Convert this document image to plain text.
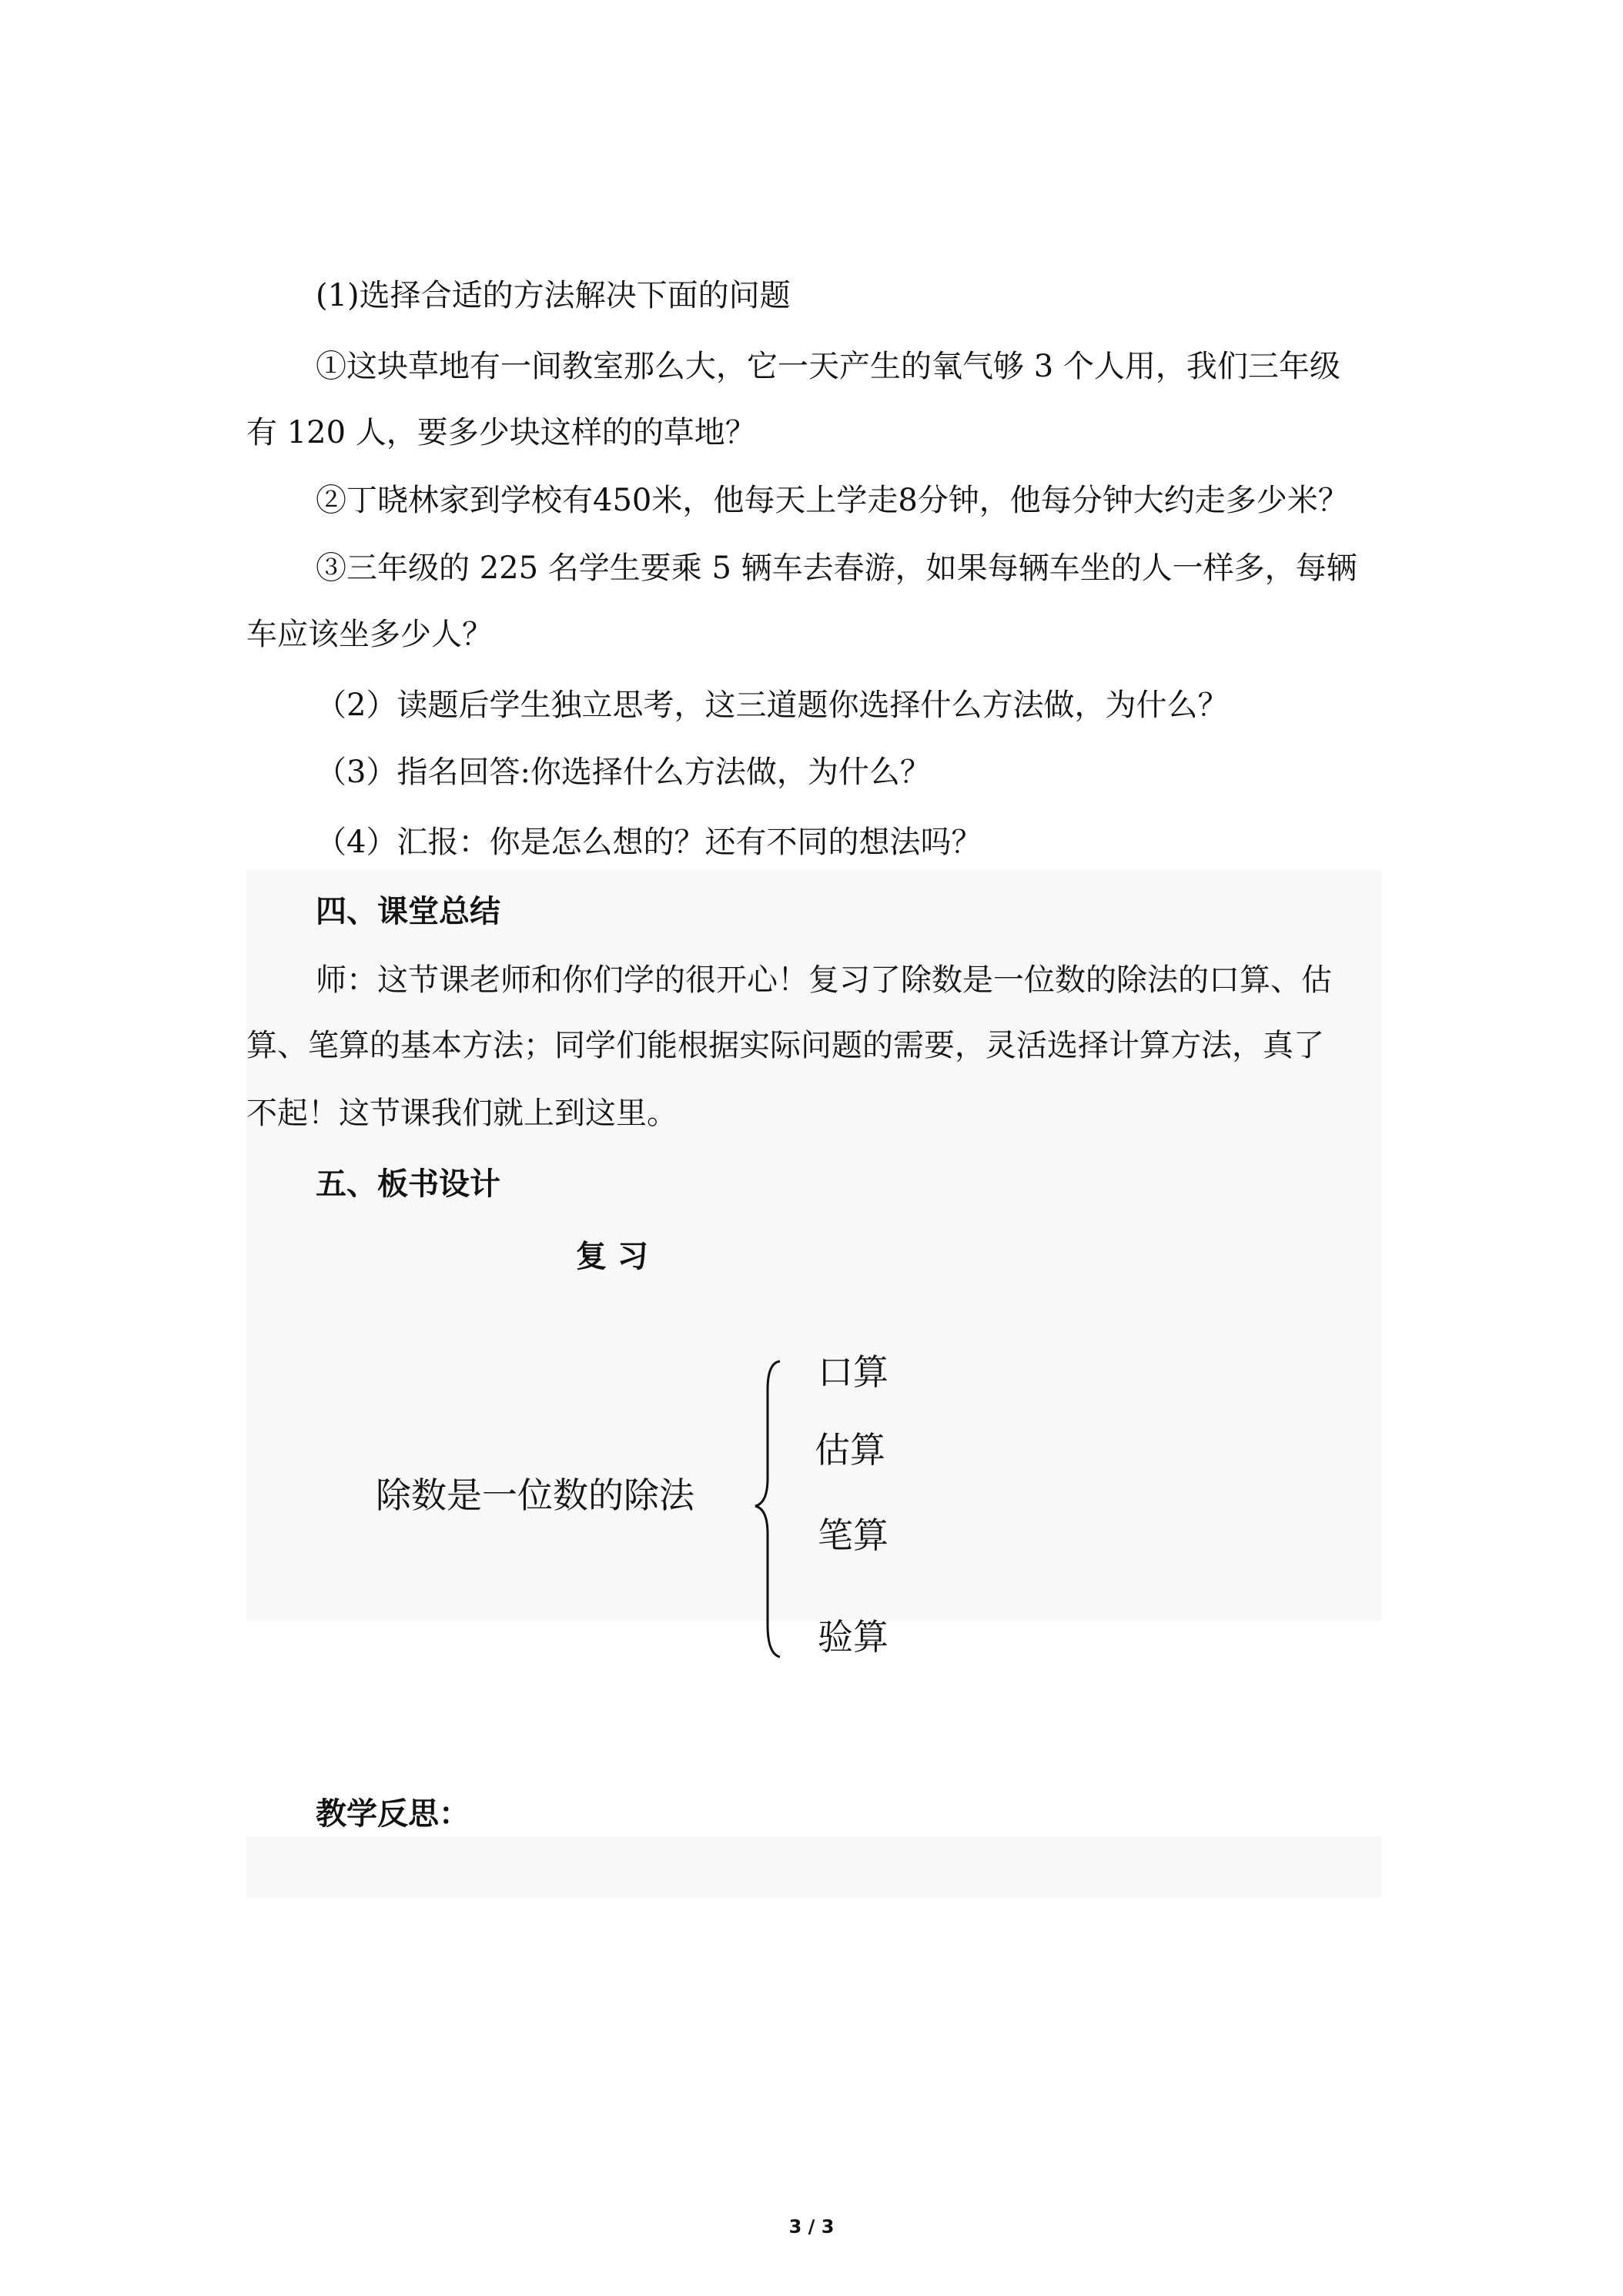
(1)选择合适的方法解决下面的问题
①这块草地有一间教室那么大，它一天产生的氧气够 3 个人用，我们三年级
有 120 人，要多少块这样的的草地？
②丁晓林家到学校有450米，他每天上学走8分钟，他每分钟大约走多少米？
③三年级的 225 名学生要乘 5 辆车去春游，如果每辆车坐的人一样多，每辆
车应该坐多少人？
（2）读题后学生独立思考，这三道题你选择什么方法做，为什么？
（3）指名回答:你选择什么方法做，为什么？
（4）汇报：你是怎么想的？还有不同的想法吗？
四、课堂总结
师：这节课老师和你们学的很开心！复习了除数是一位数的除法的口算、估
算、笔算的基本方法；同学们能根据实际问题的需要，灵活选择计算方法，真了
不起！这节课我们就上到这里。
五、板书设计
复 习
除数是一位数的除法
口算
估算
笔算
验算
教学反思：
3 / 3
